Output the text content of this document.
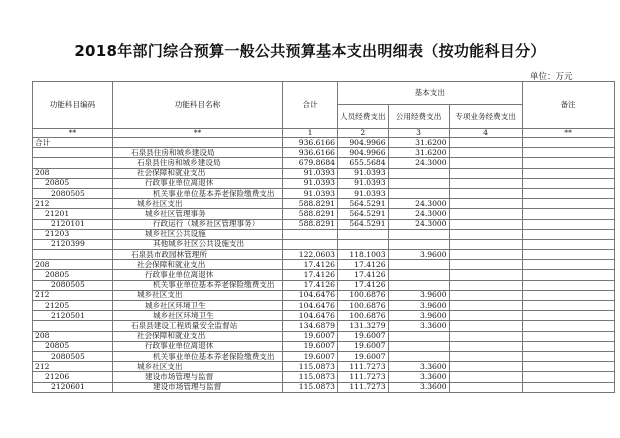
2018年部门综合预算一般公共预算基本支出明细表（按功能科目分）
单位：万元
功能科目编码	功能科目名称	合计	基本支出			备注
			人员经费支出	公用经费支出	专项业务经费支出	
**	**	1	2	3	4	**
合计		936.6166	904.9966	31.6200		
	石泉县住房和城乡建设局	936.6166	904.9966	31.6200		
	石泉县住房和城乡建设局	679.8684	655.5684	24.3000		
208	社会保障和就业支出	91.0393	91.0393			
20805	行政事业单位离退休	91.0393	91.0393			
2080505	机关事业单位基本养老保险缴费支出	91.0393	91.0393			
212	城乡社区支出	588.8291	564.5291	24.3000		
21201	城乡社区管理事务	588.8291	564.5291	24.3000		
2120101	行政运行（城乡社区管理事务）	588.8291	564.5291	24.3000		
21203	城乡社区公共设施					
2120399	其他城乡社区公共设施支出					
	石泉县市政园林管理所	122.0603	118.1003	3.9600		
208	社会保障和就业支出	17.4126	17.4126			
20805	行政事业单位离退休	17.4126	17.4126			
2080505	机关事业单位基本养老保险缴费支出	17.4126	17.4126			
212	城乡社区支出	104.6476	100.6876	3.9600		
21205	城乡社区环境卫生	104.6476	100.6876	3.9600		
2120501	城乡社区环境卫生	104.6476	100.6876	3.9600		
	石泉县建设工程质量安全监督站	134.6879	131.3279	3.3600		
208	社会保障和就业支出	19.6007	19.6007			
20805	行政事业单位离退休	19.6007	19.6007			
2080505	机关事业单位基本养老保险缴费支出	19.6007	19.6007			
212	城乡社区支出	115.0873	111.7273	3.3600		
21206	建设市场管理与监督	115.0873	111.7273	3.3600		
2120601	建设市场管理与监督	115.0873	111.7273	3.3600		
